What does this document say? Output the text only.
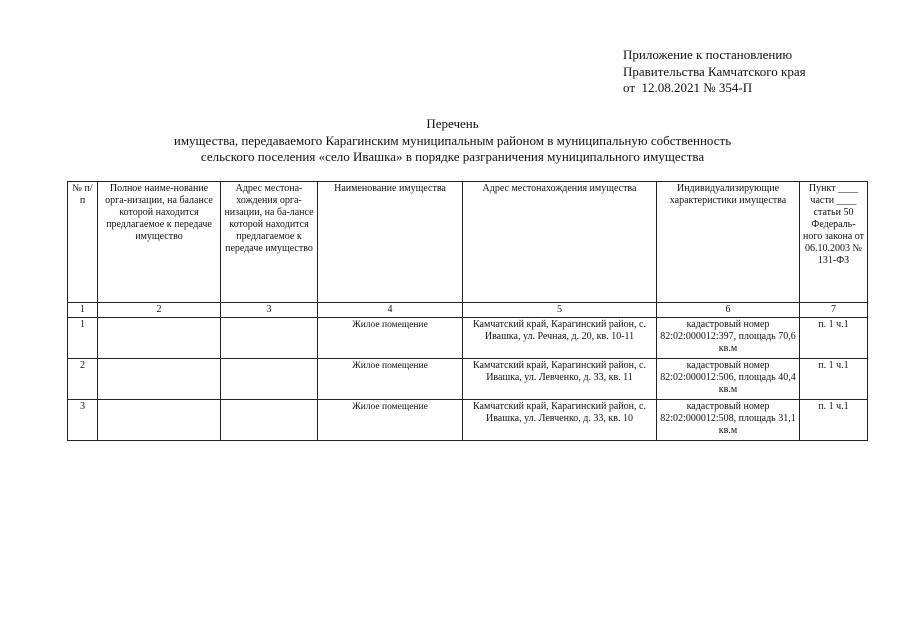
Приложение к постановлению
Правительства Камчатского края
от  12.08.2021 № 354-П
Перечень
имущества, передаваемого Карагинским муниципальным районом в муниципальную собственность
сельского поселения «село Ивашка» в порядке разграничения муниципального имущества
№ п/п	Полное наиме-нование орга-низации, на балансе которой находится предлагаемое к передаче имущество	Адрес местона-хождения орга-низации, на ба-лансе которой находится предлагаемое к передаче имущество	Наименование имущества	Адрес местонахождения имущества	Индивидуализирующие характеристики имущества	Пункт ____ части ____ статьи 50 Федераль-ного закона от 06.10.2003 № 131-ФЗ
1	2	3	4	5	6	7
1			Жилое помещение	Камчатский край, Карагинский район, с. Ивашка, ул. Речная, д. 20, кв. 10-11	кадастровый номер 82:02:000012:397, площадь 70,6 кв.м	п. 1 ч.1
2			Жилое помещение	Камчатский край, Карагинский район, с. Ивашка, ул. Левченко, д. 33, кв. 11	кадастровый номер 82:02:000012:506, площадь 40,4 кв.м	п. 1 ч.1
3			Жилое помещение	Камчатский край, Карагинский район, с. Ивашка, ул. Левченко, д. 33, кв. 10	кадастровый номер 82:02:000012:508, площадь 31,1 кв.м	п. 1 ч.1
